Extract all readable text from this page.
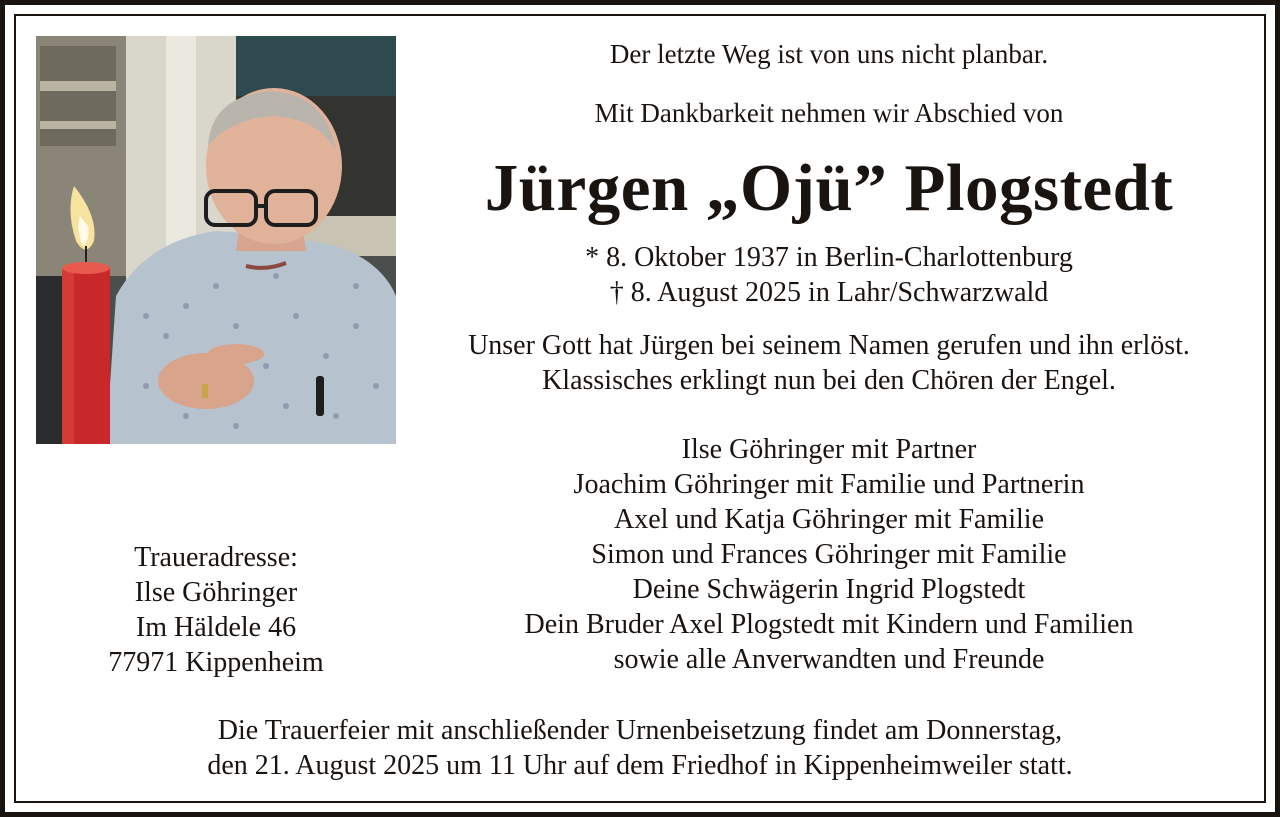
Der letzte Weg ist von uns nicht planbar.
Mit Dankbarkeit nehmen wir Abschied von
Jürgen „Ojü” Plogstedt
* 8. Oktober 1937 in Berlin-Charlottenburg
† 8. August 2025 in Lahr/Schwarzwald
Unser Gott hat Jürgen bei seinem Namen gerufen und ihn erlöst.
Klassisches erklingt nun bei den Chören der Engel.
Ilse Göhringer mit Partner
Joachim Göhringer mit Familie und Partnerin
Axel und Katja Göhringer mit Familie
Simon und Frances Göhringer mit Familie
Deine Schwägerin Ingrid Plogstedt
Dein Bruder Axel Plogstedt mit Kindern und Familien
sowie alle Anverwandten und Freunde
Traueradresse:
Ilse Göhringer
Im Häldele 46
77971 Kippenheim
Die Trauerfeier mit anschließender Urnenbeisetzung findet am Donnerstag,
den 21. August 2025 um 11 Uhr auf dem Friedhof in Kippenheimweiler statt.
